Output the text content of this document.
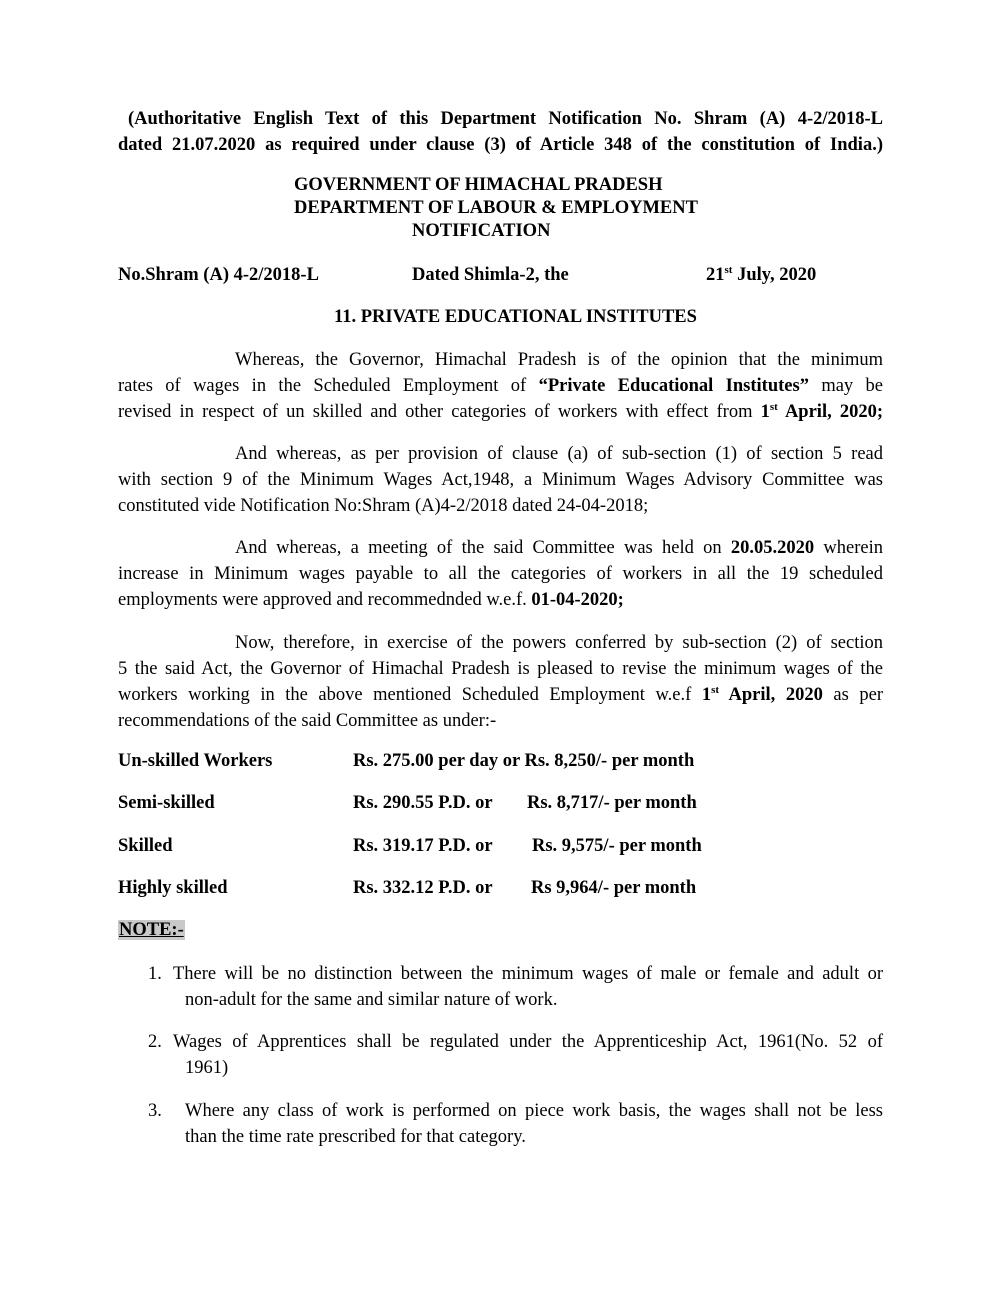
(Authoritative English Text of this Department Notification No. Shram (A) 4-2/2018-L

dated 21.07.2020 as required under clause (3) of Article 348 of the constitution of India.)

GOVERNMENT OF HIMACHAL PRADESH
DEPARTMENT OF LABOUR & EMPLOYMENT
NOTIFICATION
No.Shram (A) 4-2/2018-L	Dated Shimla-2, the	21st July, 2020
11. PRIVATE EDUCATIONAL INSTITUTES

Whereas, the Governor, Himachal Pradesh is of the opinion that the minimum

rates of wages in the Scheduled Employment of “Private Educational Institutes” may be

revised in respect of un skilled and other categories of workers with effect from 1st April, 2020;

And whereas, as per provision of clause (a) of sub-section (1) of section 5 read

with section 9 of the Minimum Wages Act,1948, a Minimum Wages Advisory Committee was

constituted vide Notification No:Shram (A)4-2/2018 dated 24-04-2018;

And whereas, a meeting of the said Committee was held on 20.05.2020 wherein

increase in Minimum wages payable to all the categories of workers in all the 19 scheduled

employments were approved and recommednded w.e.f. 01-04-2020;

Now, therefore, in exercise of the powers conferred by sub-section (2) of section

5 the said Act, the Governor of Himachal Pradesh is pleased to revise the minimum wages of the

workers working in the above mentioned Scheduled Employment w.e.f 1st April, 2020 as per

recommendations of the said Committee as under:-

Un-skilled Workers	Rs. 275.00 per day or Rs. 8,250/- per month
Semi-skilled	Rs. 290.55 P.D. or Rs. 8,717/- per month
Skilled	Rs. 319.17 P.D. or Rs. 9,575/- per month
Highly skilled	Rs. 332.12 P.D. or Rs 9,964/- per month
NOTE:-
1. There will be no distinction between the minimum wages of male or female and adult or
non-adult for the same and similar nature of work.
2. Wages of Apprentices shall be regulated under the Apprenticeship Act, 1961(No. 52 of
1961)
3.	Where any class of work is performed on piece work basis, the wages shall not be less
than the time rate prescribed for that category.
